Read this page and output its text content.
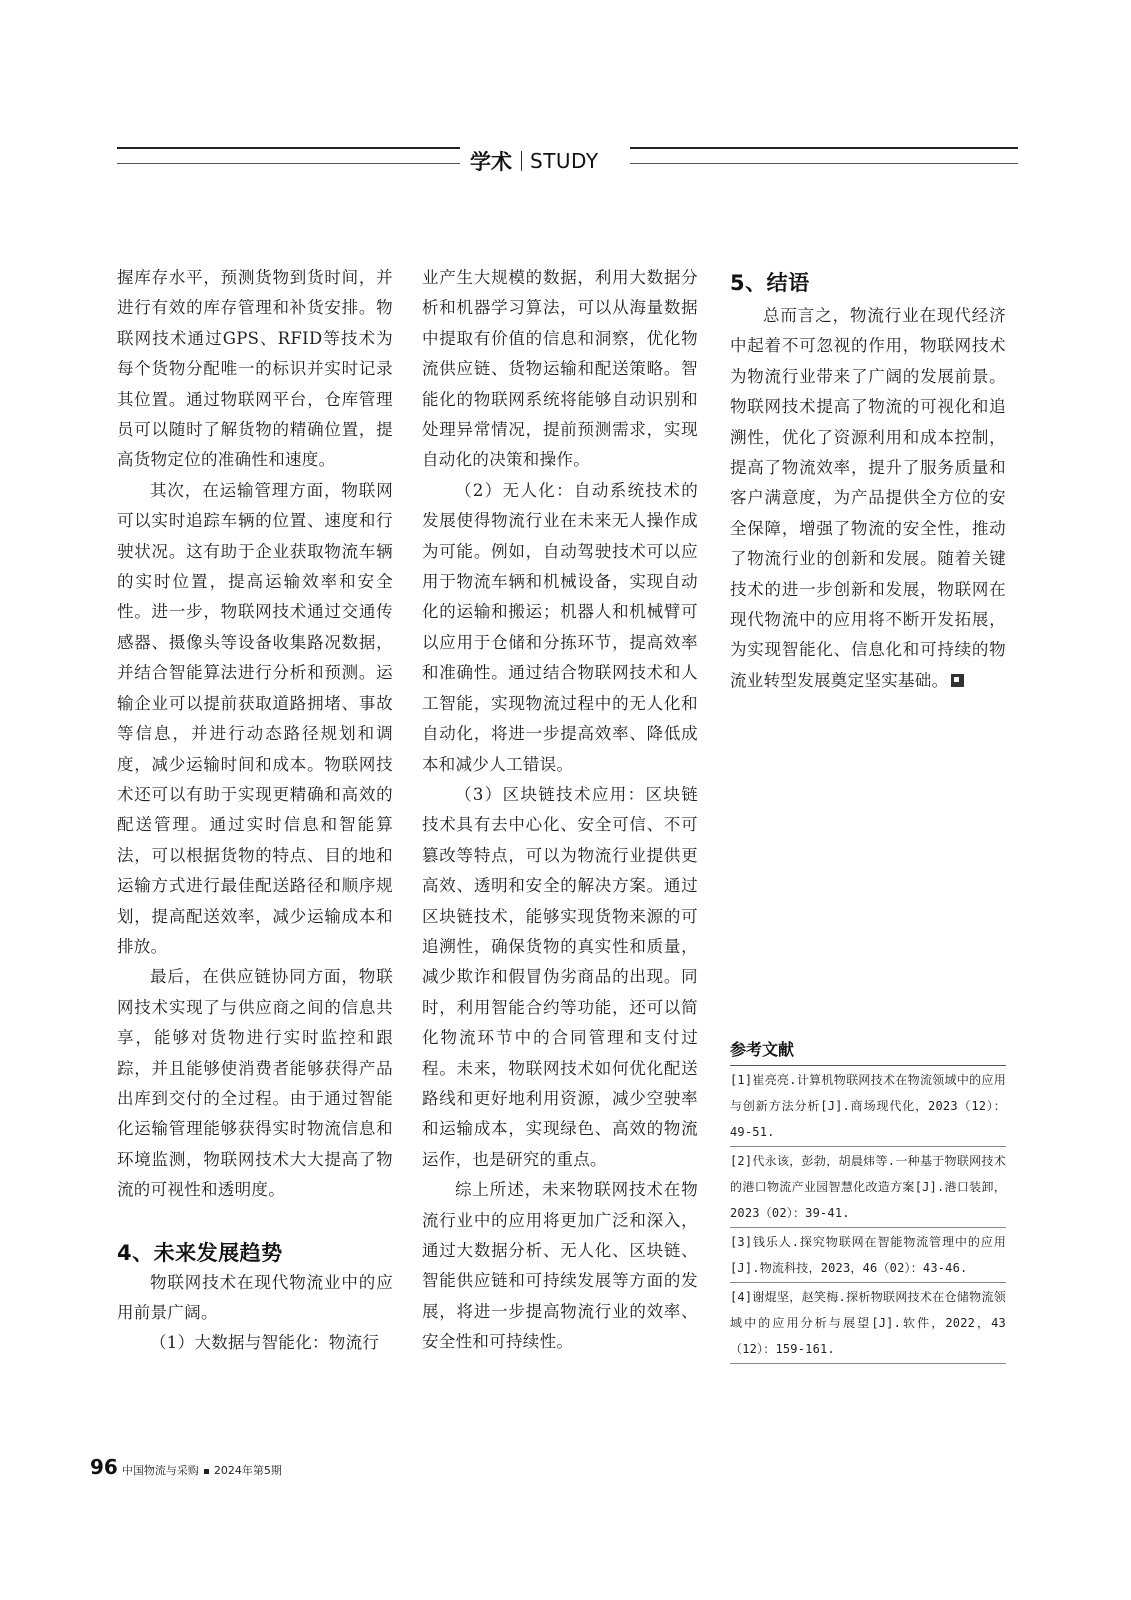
学术 STUDY

握库存水平，预测货物到货时间，并进行有效的库存管理和补货安排。物联网技术通过GPS、RFID等技术为每个货物分配唯一的标识并实时记录其位置。通过物联网平台，仓库管理员可以随时了解货物的精确位置，提高货物定位的准确性和速度。

其次，在运输管理方面，物联网可以实时追踪车辆的位置、速度和行驶状况。这有助于企业获取物流车辆的实时位置，提高运输效率和安全性。进一步，物联网技术通过交通传感器、摄像头等设备收集路况数据，并结合智能算法进行分析和预测。运输企业可以提前获取道路拥堵、事故等信息，并进行动态路径规划和调度，减少运输时间和成本。物联网技术还可以有助于实现更精确和高效的配送管理。通过实时信息和智能算法，可以根据货物的特点、目的地和运输方式进行最佳配送路径和顺序规划，提高配送效率，减少运输成本和排放。

最后，在供应链协同方面，物联网技术实现了与供应商之间的信息共享，能够对货物进行实时监控和跟踪，并且能够使消费者能够获得产品出库到交付的全过程。由于通过智能化运输管理能够获得实时物流信息和环境监测，物联网技术大大提高了物流的可视性和透明度。

4、未来发展趋势

物联网技术在现代物流业中的应用前景广阔。

（1）大数据与智能化：物流行

业产生大规模的数据，利用大数据分析和机器学习算法，可以从海量数据中提取有价值的信息和洞察，优化物流供应链、货物运输和配送策略。智能化的物联网系统将能够自动识别和处理异常情况，提前预测需求，实现自动化的决策和操作。

（2）无人化：自动系统技术的发展使得物流行业在未来无人操作成为可能。例如，自动驾驶技术可以应用于物流车辆和机械设备，实现自动化的运输和搬运；机器人和机械臂可以应用于仓储和分拣环节，提高效率和准确性。通过结合物联网技术和人工智能，实现物流过程中的无人化和自动化，将进一步提高效率、降低成本和减少人工错误。

（3）区块链技术应用：区块链技术具有去中心化、安全可信、不可篡改等特点，可以为物流行业提供更高效、透明和安全的解决方案。通过区块链技术，能够实现货物来源的可追溯性，确保货物的真实性和质量，减少欺诈和假冒伪劣商品的出现。同时，利用智能合约等功能，还可以简化物流环节中的合同管理和支付过程。未来，物联网技术如何优化配送路线和更好地利用资源，减少空驶率和运输成本，实现绿色、高效的物流运作，也是研究的重点。

综上所述，未来物联网技术在物流行业中的应用将更加广泛和深入，通过大数据分析、无人化、区块链、智能供应链和可持续发展等方面的发展，将进一步提高物流行业的效率、安全性和可持续性。

5、结语

总而言之，物流行业在现代经济中起着不可忽视的作用，物联网技术为物流行业带来了广阔的发展前景。物联网技术提高了物流的可视化和追溯性，优化了资源利用和成本控制，提高了物流效率，提升了服务质量和客户满意度，为产品提供全方位的安全保障，增强了物流的安全性，推动了物流行业的创新和发展。随着关键技术的进一步创新和发展，物联网在现代物流中的应用将不断开发拓展，为实现智能化、信息化和可持续的物流业转型发展奠定坚实基础。

参考文献
[1]崔亮亮.计算机物联网技术在物流领域中的应用与创新方法分析[J].商场现代化，2023（12）：49-51.
[2]代永该，彭勃，胡晨炜等.一种基于物联网技术的港口物流产业园智慧化改造方案[J].港口装卸，2023（02）：39-41.
[3]钱乐人.探究物联网在智能物流管理中的应用[J].物流科技，2023，46（02）：43-46.
[4]谢焜坚，赵笑梅.探析物联网技术在仓储物流领域中的应用分析与展望[J].软件，2022，43（12）：159-161.
96 中国物流与采购 2024年第5期
